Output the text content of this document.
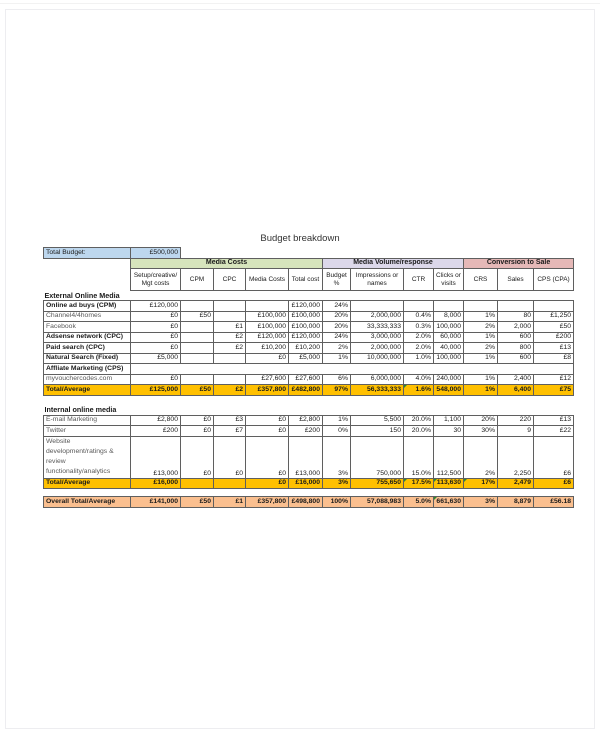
Budget breakdown
Total Budget:	£500,000											
	Media Costs					Media Volume/response				Conversion to Sale		
	Setup/creative/ Mgt costs	CPM	CPC	Media Costs	Total cost	Budget %	Impressions or names	CTR	Clicks or visits	CRS	Sales	CPS (CPA)
External Online Media												
Online ad buys (CPM)	£120,000				£120,000	24%						
Channel4/4homes	£0	£50		£100,000	£100,000	20%	2,000,000	0.4%	8,000	1%	80	£1,250
Facebook	£0		£1	£100,000	£100,000	20%	33,333,333	0.3%	100,000	2%	2,000	£50
Adsense network (CPC)	£0		£2	£120,000	£120,000	24%	3,000,000	2.0%	60,000	1%	600	£200
Paid search (CPC)	£0		£2	£10,200	£10,200	2%	2,000,000	2.0%	40,000	2%	800	£13
Natural Search (Fixed)	£5,000			£0	£5,000	1%	10,000,000	1.0%	100,000	1%	600	£8
Affliate Marketing (CPS)												
myvouchercodes.com	£0			£27,600	£27,600	6%	6,000,000	4.0%	240,000	1%	2,400	£12
Total/Average	£125,000	£50	£2	£357,800	£482,800	97%	56,333,333	1.6%	548,000	1%	6,400	£75

Internal online media												
E-mail Marketing	£2,800	£0	£3	£0	£2,800	1%	5,500	20.0%	1,100	20%	220	£13
Twitter	£200	£0	£7	£0	£200	0%	150	20.0%	30	30%	9	£22
Website development/ratings & review functionality/analytics	£13,000	£0	£0	£0	£13,000	3%	750,000	15.0%	112,500	2%	2,250	£6
Total/Average	£16,000			£0	£16,000	3%	755,650	17.5%	113,630	17%	2,479	£6

Overall Total/Average	£141,000	£50	£1	£357,800	£498,800	100%	57,088,983	5.0%	661,630	3%	8,879	£56.18
